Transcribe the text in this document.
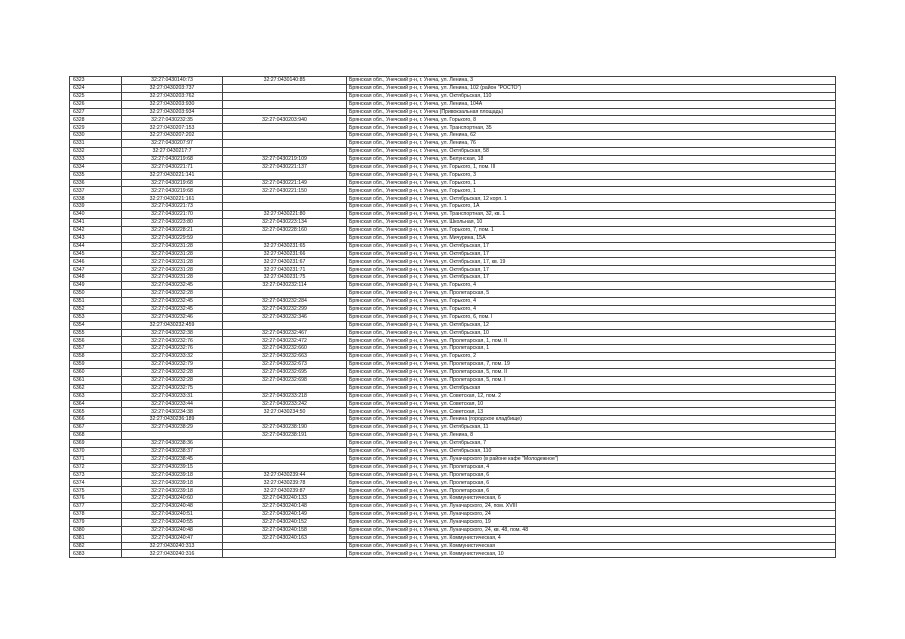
6323	32:27:0430140:73	32:27:0430140:85	Брянская обл., Унечский р-н, г. Унеча, ул. Ленина, 3
6324	32:27:0430203:737		Брянская обл., Унечский р-н, г. Унеча, ул. Ленина, 102 (район "РОСТО")
6325	32:27:0430203:762		Брянская обл., Унечский р-н, г. Унеча, ул. Октябрьская, 110
6326	32:27:0430203:930		Брянская обл., Унечский р-н, г. Унеча, ул. Ленина, 104А
6327	32:27:0430203:934		Брянская обл., Унечский р-н, г. Унеча (Привокзальная площадь)
6328	32:27:0430232:35	32:27:0430203:940	Брянская обл., Унечский р-н, г. Унеча, ул. Горького, 8
6329	32:27:0430207:153		Брянская обл., Унечский р-н, г. Унеча, ул. Транспортная, 35
6330	32:27:0430207:202		Брянская обл., Унечский р-н, г. Унеча, ул. Ленина, 62
6331	32:27:0430207:97		Брянская обл., Унечский р-н, г. Унеча, ул. Ленина, 76
6332	32:27:0430217:7		Брянская обл., Унечский р-н, г. Унеча, ул. Октябрьская, 58
6333	32:27:0430219:68	32:27:0430219:109	Брянская обл., Унечский р-н, г. Унеча, ул. Белунская, 18
6334	32:27:0430221:71	32:27:0430221:137	Брянская обл., Унечский р-н, г. Унеча, ул. Горького, 1, пом. III
6335	32:27:0430221:141		Брянская обл., Унечский р-н, г. Унеча, ул. Горького, 3
6336	32:27:0430219:68	32:27:0430221:149	Брянская обл., Унечский р-н, г. Унеча, ул. Горького, 1
6337	32:27:0430219:68	32:27:0430221:150	Брянская обл., Унечский р-н, г. Унеча, ул. Горького, 1
6338	32:27:0430221:161		Брянская обл., Унечский р-н, г. Унеча, ул. Октябрьская, 12 корп. 1
6339	32:27:0430221:73		Брянская обл., Унечский р-н, г. Унеча, ул. Горького, 1А
6340	32:27:0430221:70	32:27:0430221:80	Брянская обл., Унечский р-н, г. Унеча, ул. Транспортная, 32, кв. 1
6341	32:27:0430223:80	32:27:0430223:134	Брянская обл., Унечский р-н, г. Унеча, ул. Школьная, 10
6342	32:27:0430228:21	32:27:0430228:160	Брянская обл., Унечский р-н, г. Унеча, ул. Горького, 7, пом. 1
6343	32:27:0430229:59		Брянская обл., Унечский р-н, г. Унеча, ул. Мичурина, 15А
6344	32:27:0430231:28	32:27:0430231:65	Брянская обл., Унечский р-н, г. Унеча, ул. Октябрьская, 17
6345	32:27:0430231:28	32:27:0430231:66	Брянская обл., Унечский р-н, г. Унеча, ул. Октябрьская, 17
6346	32:27:0430231:28	32:27:0430231:67	Брянская обл., Унечский р-н, г. Унеча, ул. Октябрьская, 17, кв. 19
6347	32:27:0430231:28	32:27:0430231:71	Брянская обл., Унечский р-н, г. Унеча, ул. Октябрьская, 17
6348	32:27:0430231:28	32:27:0430231:75	Брянская обл., Унечский р-н, г. Унеча, ул. Октябрьская, 17
6349	32:27:0430232:45	32:27:0430232:114	Брянская обл., Унечский р-н, г. Унеча, ул. Горького, 4
6350	32:27:0430232:28		Брянская обл., Унечский р-н, г. Унеча, ул. Пролетарская, 5
6351	32:27:0430232:45	32:27:0430232:284	Брянская обл., Унечский р-н, г. Унеча, ул. Горького, 4
6352	32:27:0430232:45	32:27:0430232:299	Брянская обл., Унечский р-н, г. Унеча, ул. Горького, 4
6353	32:27:0430232:46	32:27:0430232:346	Брянская обл., Унечский р-н, г. Унеча, ул. Горького, 6, пом. I
6354	32:27:0430232:459		Брянская обл., Унечский р-н, г. Унеча, ул. Октябрьская, 12
6355	32:27:0430232:38	32:27:0430232:467	Брянская обл., Унечский р-н, г. Унеча, ул. Октябрьская, 10
6356	32:27:0430232:76	32:27:0430232:472	Брянская обл., Унечский р-н, г. Унеча, ул. Пролетарская, 1, пом. II
6357	32:27:0430232:76	32:27:0430232:660	Брянская обл., Унечский р-н, г. Унеча, ул. Пролетарская, 1
6358	32:27:0430233:32	32:27:0430232:663	Брянская обл., Унечский р-н, г. Унеча, ул. Горького, 2
6359	32:27:0430232:79	32:27:0430232:673	Брянская обл., Унечский р-н, г. Унеча, ул. Пролетарская, 7, пом. 19
6360	32:27:0430232:28	32:27:0430232:695	Брянская обл., Унечский р-н, г. Унеча, ул. Пролетарская, 5, пом. II
6361	32:27:0430232:28	32:27:0430232:698	Брянская обл., Унечский р-н, г. Унеча, ул. Пролетарская, 5, пом. I
6362	32:27:0430232:75		Брянская обл., Унечский р-н, г. Унеча, ул. Октябрьская
6363	32:27:0430233:31	32:27:0430233:218	Брянская обл., Унечский р-н, г. Унеча, ул. Советская, 12, пом. 2
6364	32:27:0430233:44	32:27:0430233:242	Брянская обл., Унечский р-н, г. Унеча, ул. Советская, 10
6365	32:27:0430234:38	32:27:0430234:50	Брянская обл., Унечский р-н, г. Унеча, ул. Советская, 13
6366	32:27:0430236:189		Брянская обл., Унечский р-н, г. Унеча, ул. Ленина (городское кладбище)
6367	32:27:0430238:29	32:27:0430238:190	Брянская обл., Унечский р-н, г. Унеча, ул. Октябрьская, 11
6368		32:27:0430238:191	Брянская обл., Унечский р-н, г. Унеча, ул. Ленина, 8
6369	32:27:0430238:36		Брянская обл., Унечский р-н, г. Унеча, ул. Октябрьская, 7
6370	32:27:0430238:37		Брянская обл., Унечский р-н, г. Унеча, ул. Октябрьская, 110
6371	32:27:0430238:45		Брянская обл., Унечский р-н, г. Унеча, ул. Луначарского (в районе кафе "Молодежное")
6372	32:27:0430239:15		Брянская обл., Унечский р-н, г. Унеча, ул. Пролетарская, 4
6373	32:27:0430239:18	32:27:0430239:44	Брянская обл., Унечский р-н, г. Унеча, ул. Пролетарская, 6
6374	32:27:0430239:18	32:27:0430239:78	Брянская обл., Унечский р-н, г. Унеча, ул. Пролетарская, 6
6375	32:27:0430239:18	32:27:0430239:87	Брянская обл., Унечский р-н, г. Унеча, ул. Пролетарская, 6
6376	32:27:0430240:60	32:27:0430240:133	Брянская обл., Унечский р-н, г. Унеча, ул. Коммунистическая, 6
6377	32:27:0430240:48	32:27:0430240:148	Брянская обл., Унечский р-н, г. Унеча, ул. Луначарского, 24, пом. XVIII
6378	32:27:0430240:51	32:27:0430240:149	Брянская обл., Унечский р-н, г. Унеча, ул. Луначарского, 24
6379	32:27:0430240:55	32:27:0430240:152	Брянская обл., Унечский р-н, г. Унеча, ул. Луначарского, 19
6380	32:27:0430240:48	32:27:0430240:158	Брянская обл., Унечский р-н, г. Унеча, ул. Луначарского, 24, кв. 48, пом. 48
6381	32:27:0430240:47	32:27:0430240:163	Брянская обл., Унечский р-н, г. Унеча, ул. Коммунистическая, 4
6382	32:27:0430240:313		Брянская обл., Унечский р-н, г. Унеча, ул. Коммунистическая
6383	32:27:0430240:316		Брянская обл., Унечский р-н, г. Унеча, ул. Коммунистическая, 10
